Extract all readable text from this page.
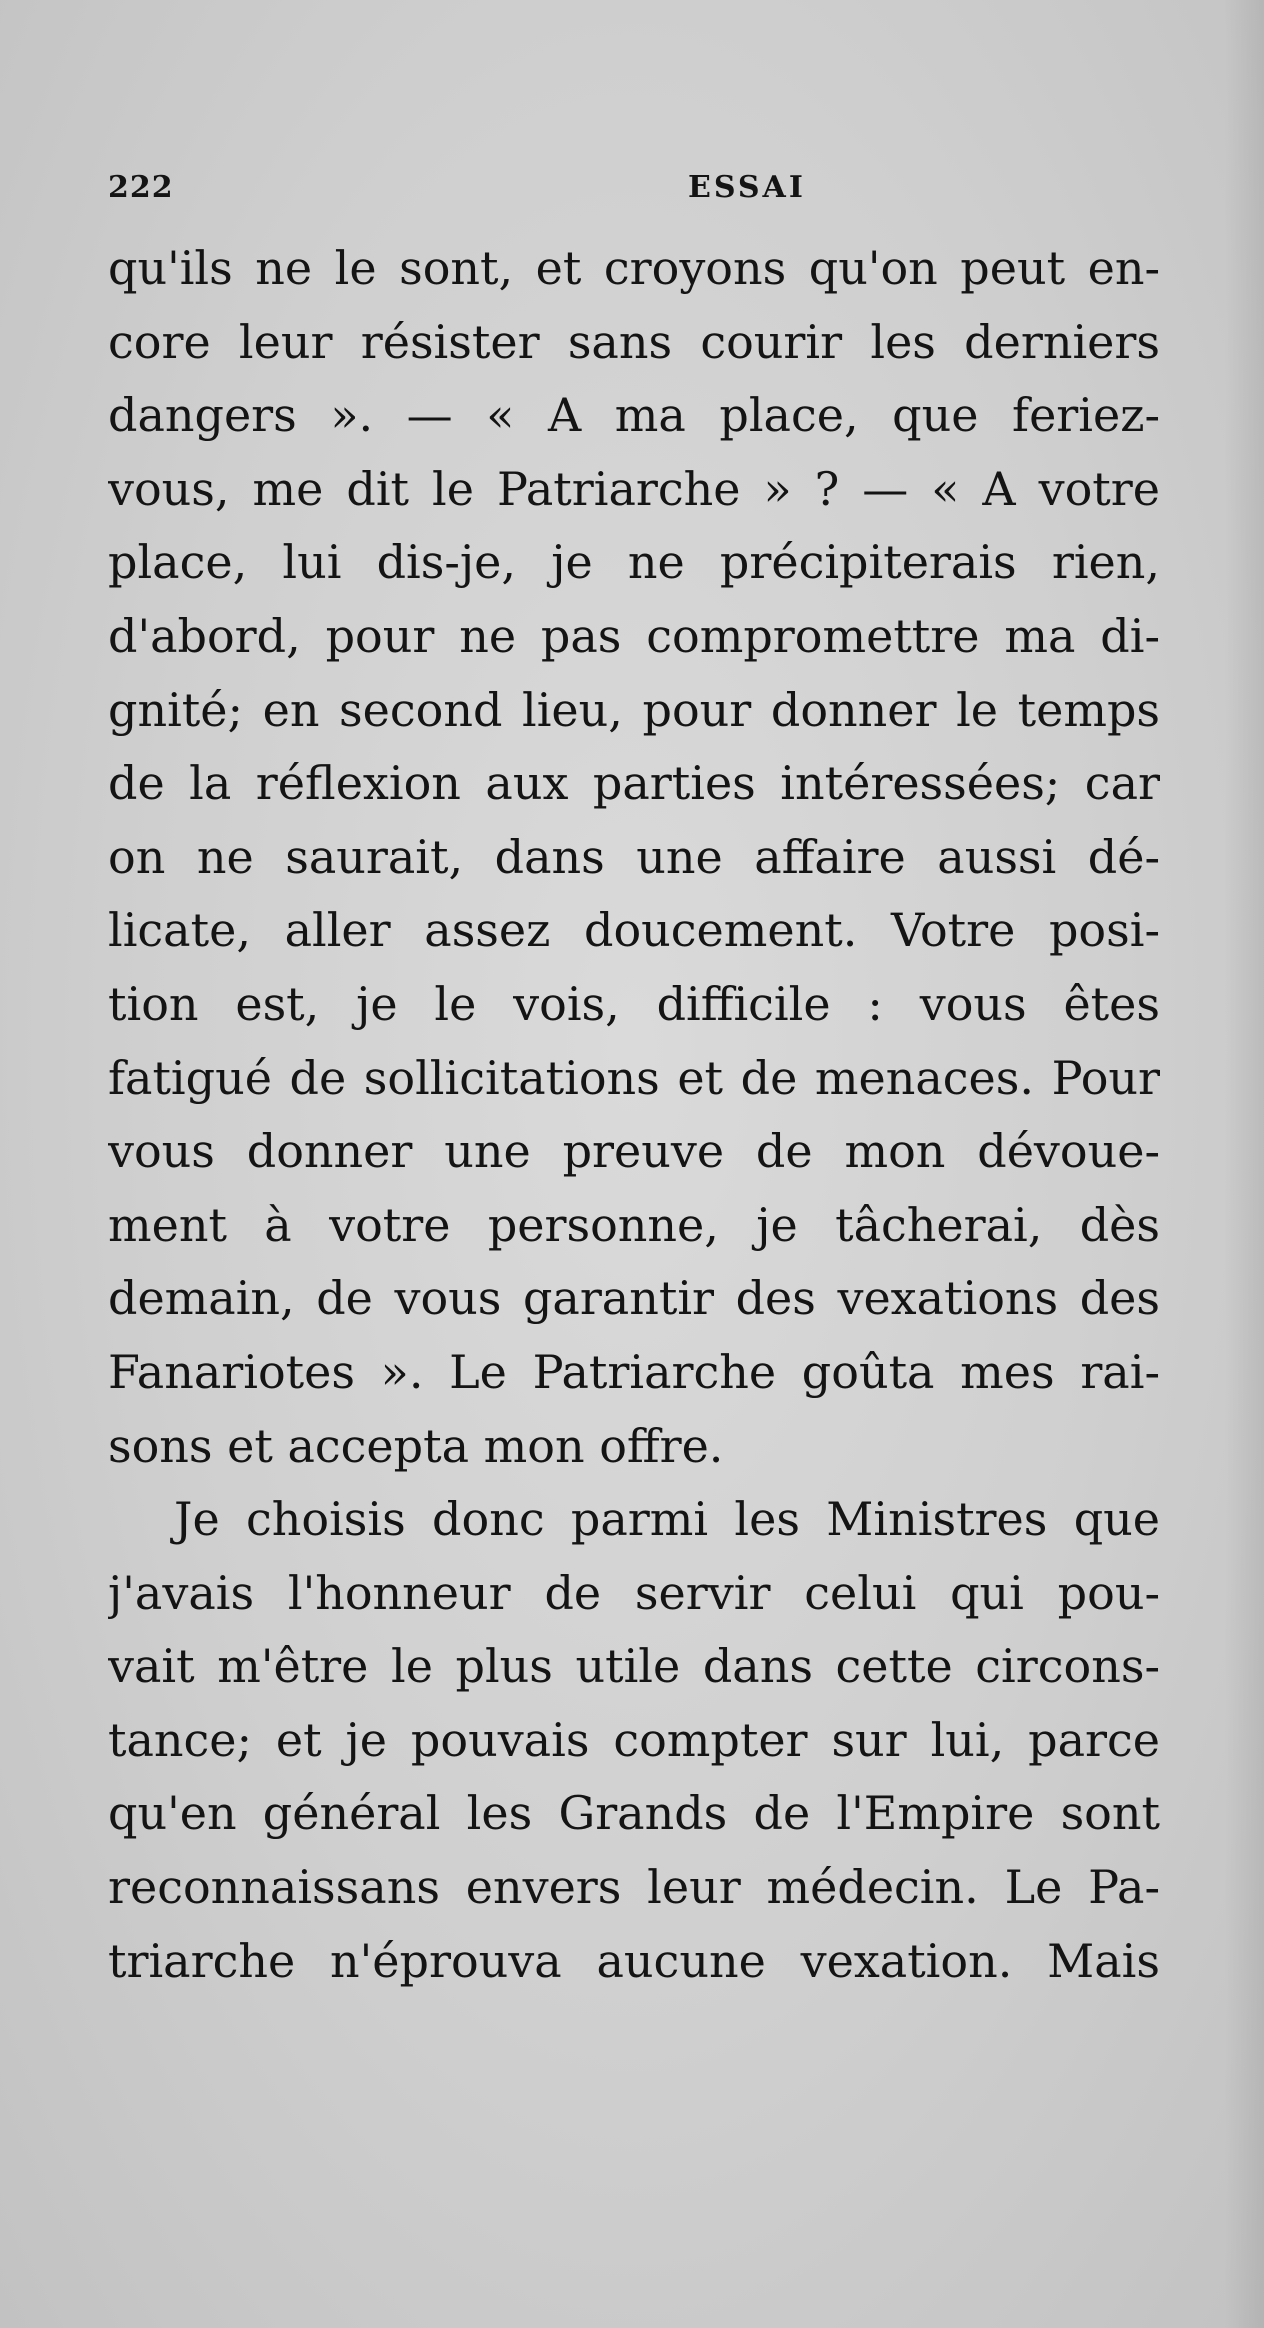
222	ESSAI
qu'ils ne le sont, et croyons qu'on peut en-
core leur résister sans courir les derniers
dangers ». — « A ma place, que feriez-
vous, me dit le Patriarche » ? — « A votre
place, lui dis-je, je ne précipiterais rien,
d'abord, pour ne pas compromettre ma di-
gnité; en second lieu, pour donner le temps
de la réflexion aux parties intéressées; car
on ne saurait, dans une affaire aussi dé-
licate, aller assez doucement. Votre posi-
tion est, je le vois, difficile : vous êtes
fatigué de sollicitations et de menaces. Pour
vous donner une preuve de mon dévoue-
ment à votre personne, je tâcherai, dès
demain, de vous garantir des vexations des
Fanariotes ». Le Patriarche goûta mes rai-
sons et accepta mon offre.
Je choisis donc parmi les Ministres que
j'avais l'honneur de servir celui qui pou-
vait m'être le plus utile dans cette circons-
tance; et je pouvais compter sur lui, parce
qu'en général les Grands de l'Empire sont
reconnaissans envers leur médecin. Le Pa-
triarche n'éprouva aucune vexation. Mais
